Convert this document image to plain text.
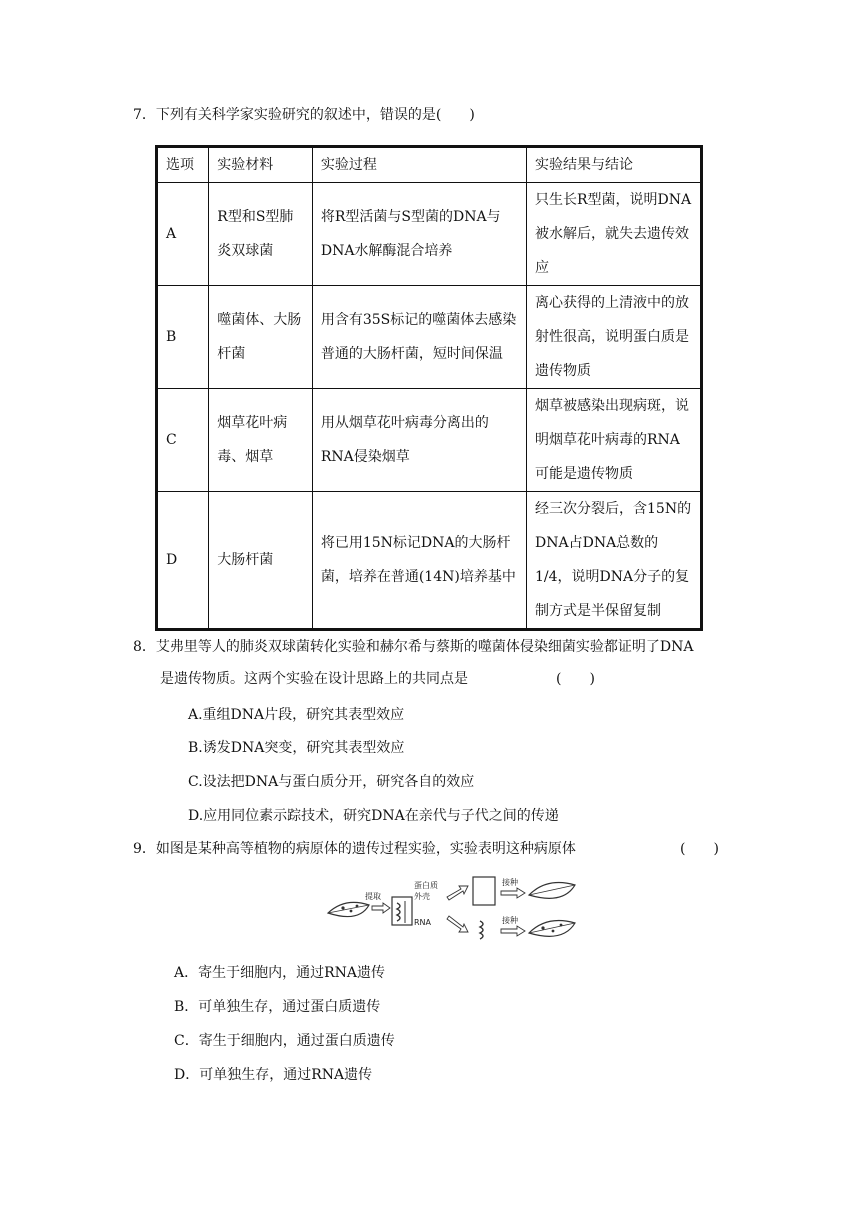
7．下列有关科学家实验研究的叙述中，错误的是(　　)
选项	实验材料	实验过程	实验结果与结论
A	R型和S型肺炎双球菌	将R型活菌与S型菌的DNA与DNA水解酶混合培养	只生长R型菌，说明DNA被水解后，就失去遗传效应
B	噬菌体、大肠杆菌	用含有35S标记的噬菌体去感染普通的大肠杆菌，短时间保温	离心获得的上清液中的放射性很高，说明蛋白质是遗传物质
C	烟草花叶病毒、烟草	用从烟草花叶病毒分离出的RNA侵染烟草	烟草被感染出现病斑，说明烟草花叶病毒的RNA可能是遗传物质
D	大肠杆菌	将已用15N标记DNA的大肠杆菌，培养在普通(14N)培养基中	经三次分裂后，含15N的DNA占DNA总数的1/4，说明DNA分子的复制方式是半保留复制
8．艾弗里等人的肺炎双球菌转化实验和赫尔希与蔡斯的噬菌体侵染细菌实验都证明了DNA
是遗传物质。这两个实验在设计思路上的共同点是	(　　)
A.重组DNA片段，研究其表型效应
B.诱发DNA突变，研究其表型效应
C.设法把DNA与蛋白质分开，研究各自的效应
D.应用同位素示踪技术，研究DNA在亲代与子代之间的传递
9．如图是某种高等植物的病原体的遗传过程实验，实验表明这种病原体	(　　)
提取
蛋白质
外壳
RNA
接种
接种
A．寄生于细胞内，通过RNA遗传
B．可单独生存，通过蛋白质遗传
C．寄生于细胞内，通过蛋白质遗传
D．可单独生存，通过RNA遗传
